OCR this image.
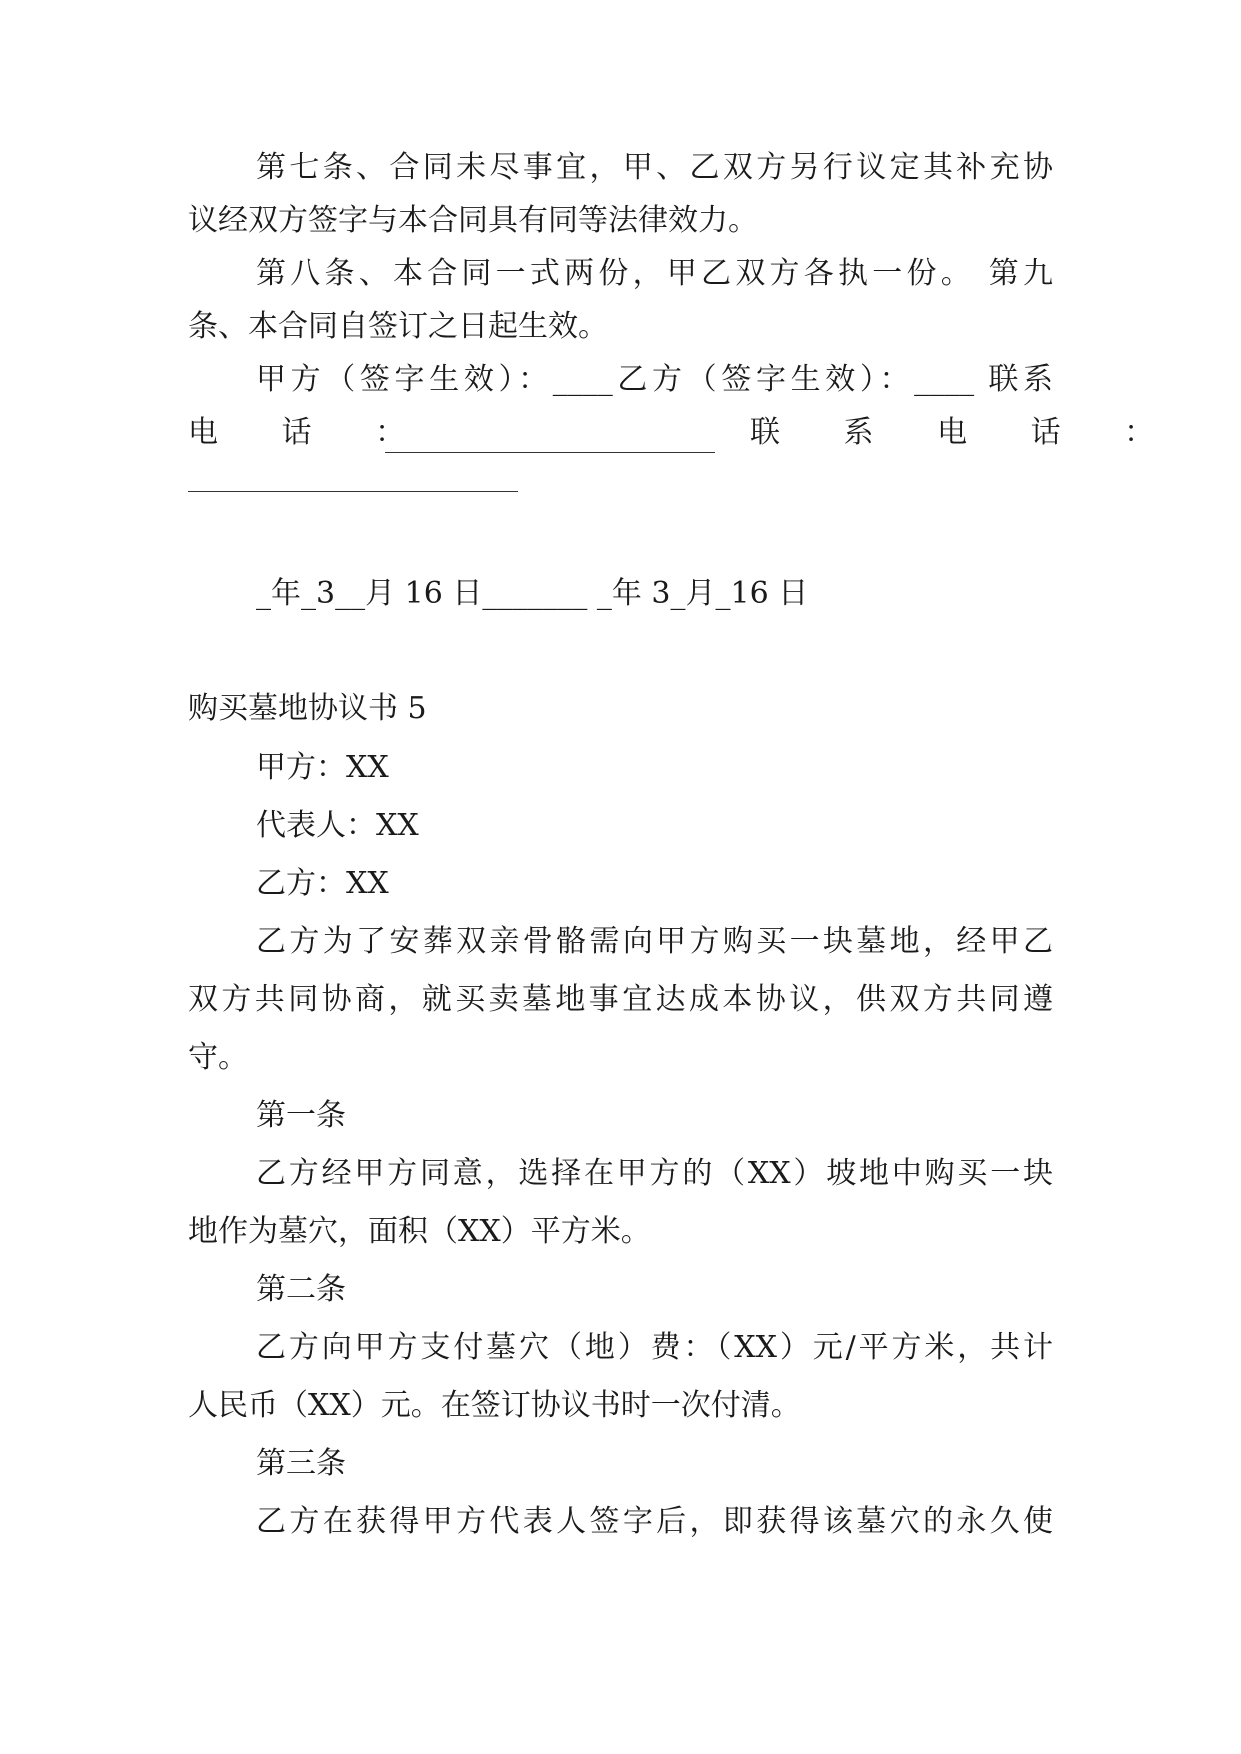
第七条、合同未尽事宜，甲、乙双方另行议定其补充协
议经双方签字与本合同具有同等法律效力。
第八条、本合同一式两份，甲乙双方各执一份。 第九
条、本合同自签订之日起生效。
甲方（签字生效）：____乙方（签字生效）：____ 联系
电 话 ：	联 系 电 话 ：
_年_3__月 16 日_______ _年 3_月_16 日
购买墓地协议书 5
甲方：XX
代表人：XX
乙方：XX
乙方为了安葬双亲骨骼需向甲方购买一块墓地，经甲乙
双方共同协商，就买卖墓地事宜达成本协议，供双方共同遵
守。
第一条
乙方经甲方同意，选择在甲方的（XX）坡地中购买一块
地作为墓穴，面积（XX）平方米。
第二条
乙方向甲方支付墓穴（地）费：（XX）元/平方米，共计
人民币（XX）元。在签订协议书时一次付清。
第三条
乙方在获得甲方代表人签字后，即获得该墓穴的永久使
